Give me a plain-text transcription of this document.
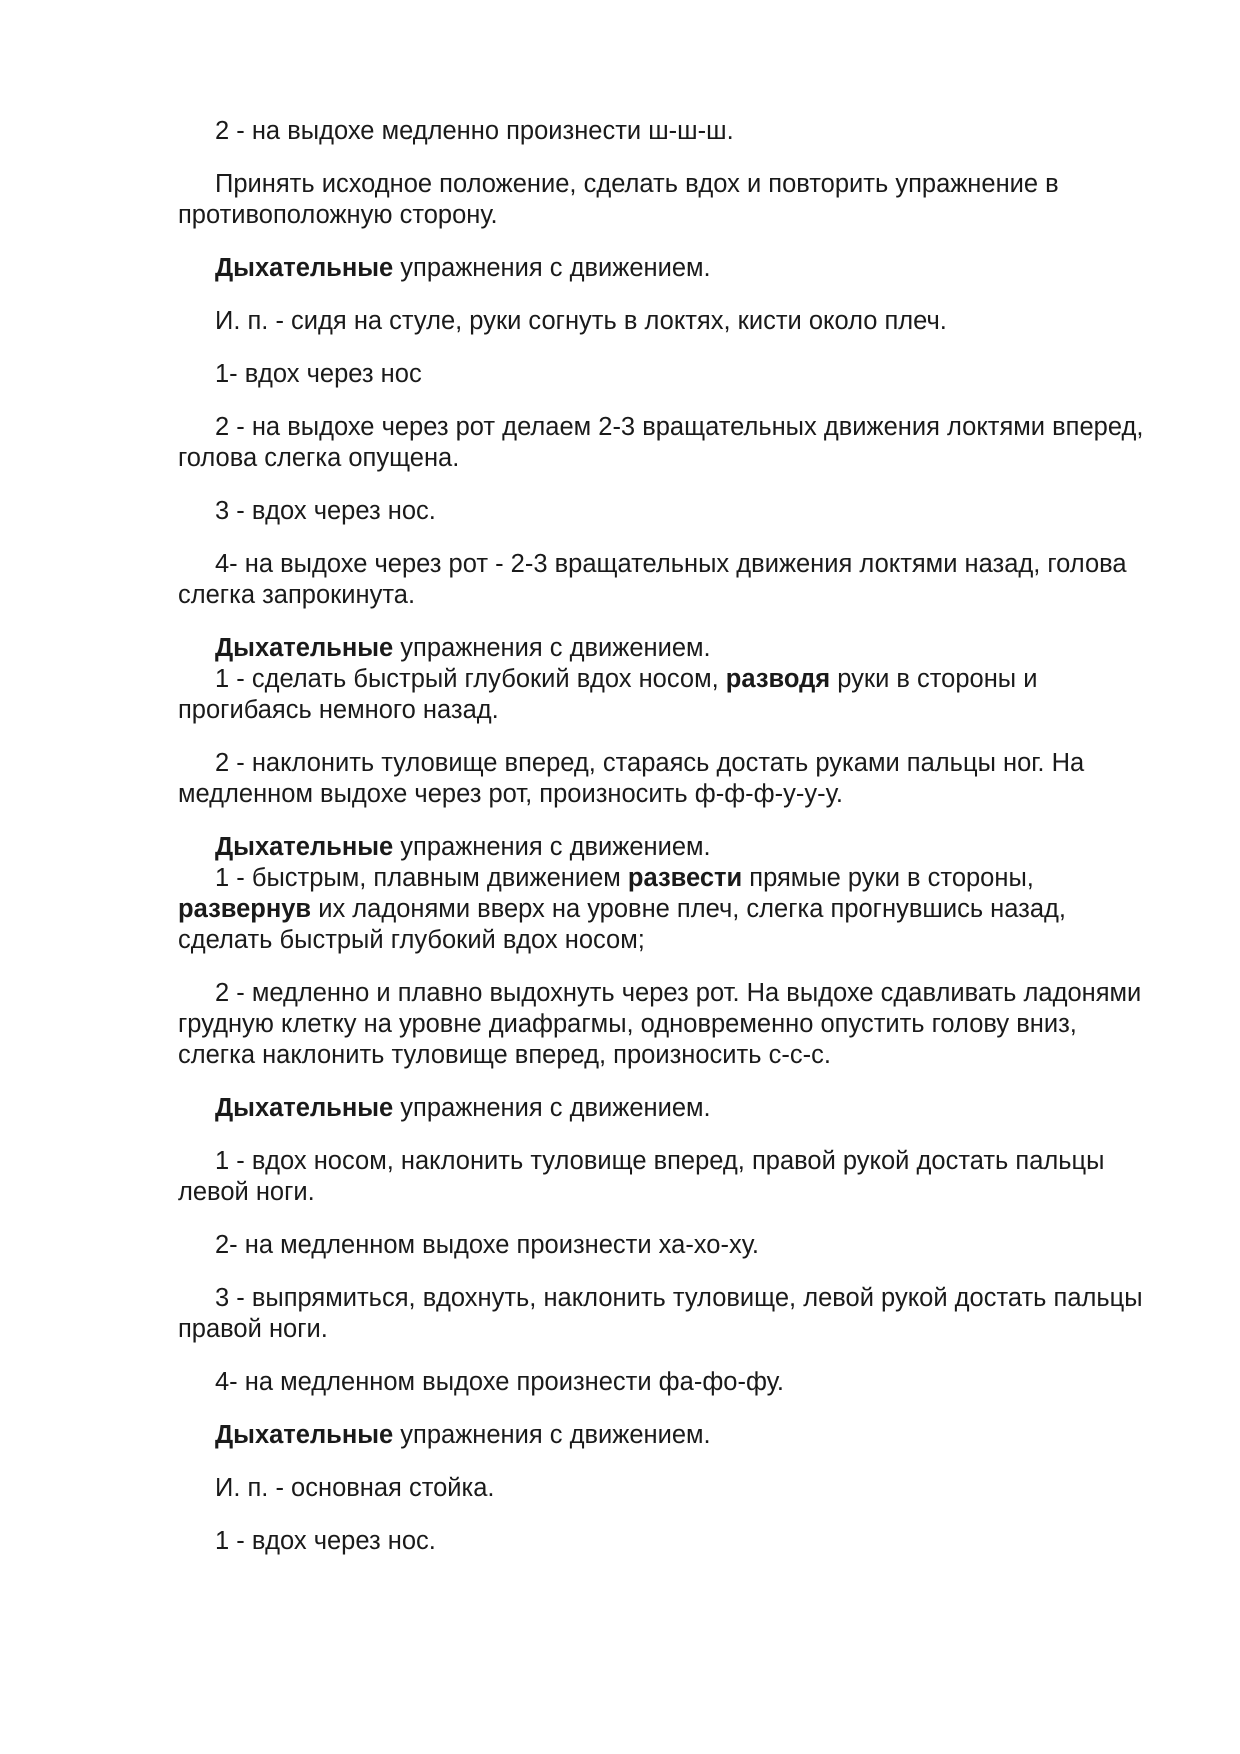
2 - на выдохе медленно произнести ш-ш-ш.

Принять исходное положение, сделать вдох и повторить упражнение в противоположную сторону.

Дыхательные упражнения с движением.

И. п. - сидя на стуле, руки согнуть в локтях, кисти около плеч.

1- вдох через нос

2 - на выдохе через рот делаем 2-3 вращательных движения локтями вперед, голова слегка опущена.

3 - вдох через нос.

4- на выдохе через рот - 2-3 вращательных движения локтями назад, голова слегка запрокинута.

Дыхательные упражнения с движением.

1 - сделать быстрый глубокий вдох носом, разводя руки в стороны и прогибаясь немного назад.

2 - наклонить туловище вперед, стараясь достать руками пальцы ног. На медленном выдохе через рот, произносить ф-ф-ф-у-у-у.

Дыхательные упражнения с движением.

1 - быстрым, плавным движением развести прямые руки в стороны, развернув их ладонями вверх на уровне плеч, слегка прогнувшись назад, сделать быстрый глубокий вдох носом;

2 - медленно и плавно выдохнуть через рот. На выдохе сдавливать ладонями грудную клетку на уровне диафрагмы, одновременно опустить голову вниз, слегка наклонить туловище вперед, произносить с-с-с.

Дыхательные упражнения с движением.

1 - вдох носом, наклонить туловище вперед, правой рукой достать пальцы левой ноги.

2- на медленном выдохе произнести ха-хо-ху.

3 - выпрямиться, вдохнуть, наклонить туловище, левой рукой достать пальцы правой ноги.

4- на медленном выдохе произнести фа-фо-фу.

Дыхательные упражнения с движением.

И. п. - основная стойка.

1 - вдох через нос.
